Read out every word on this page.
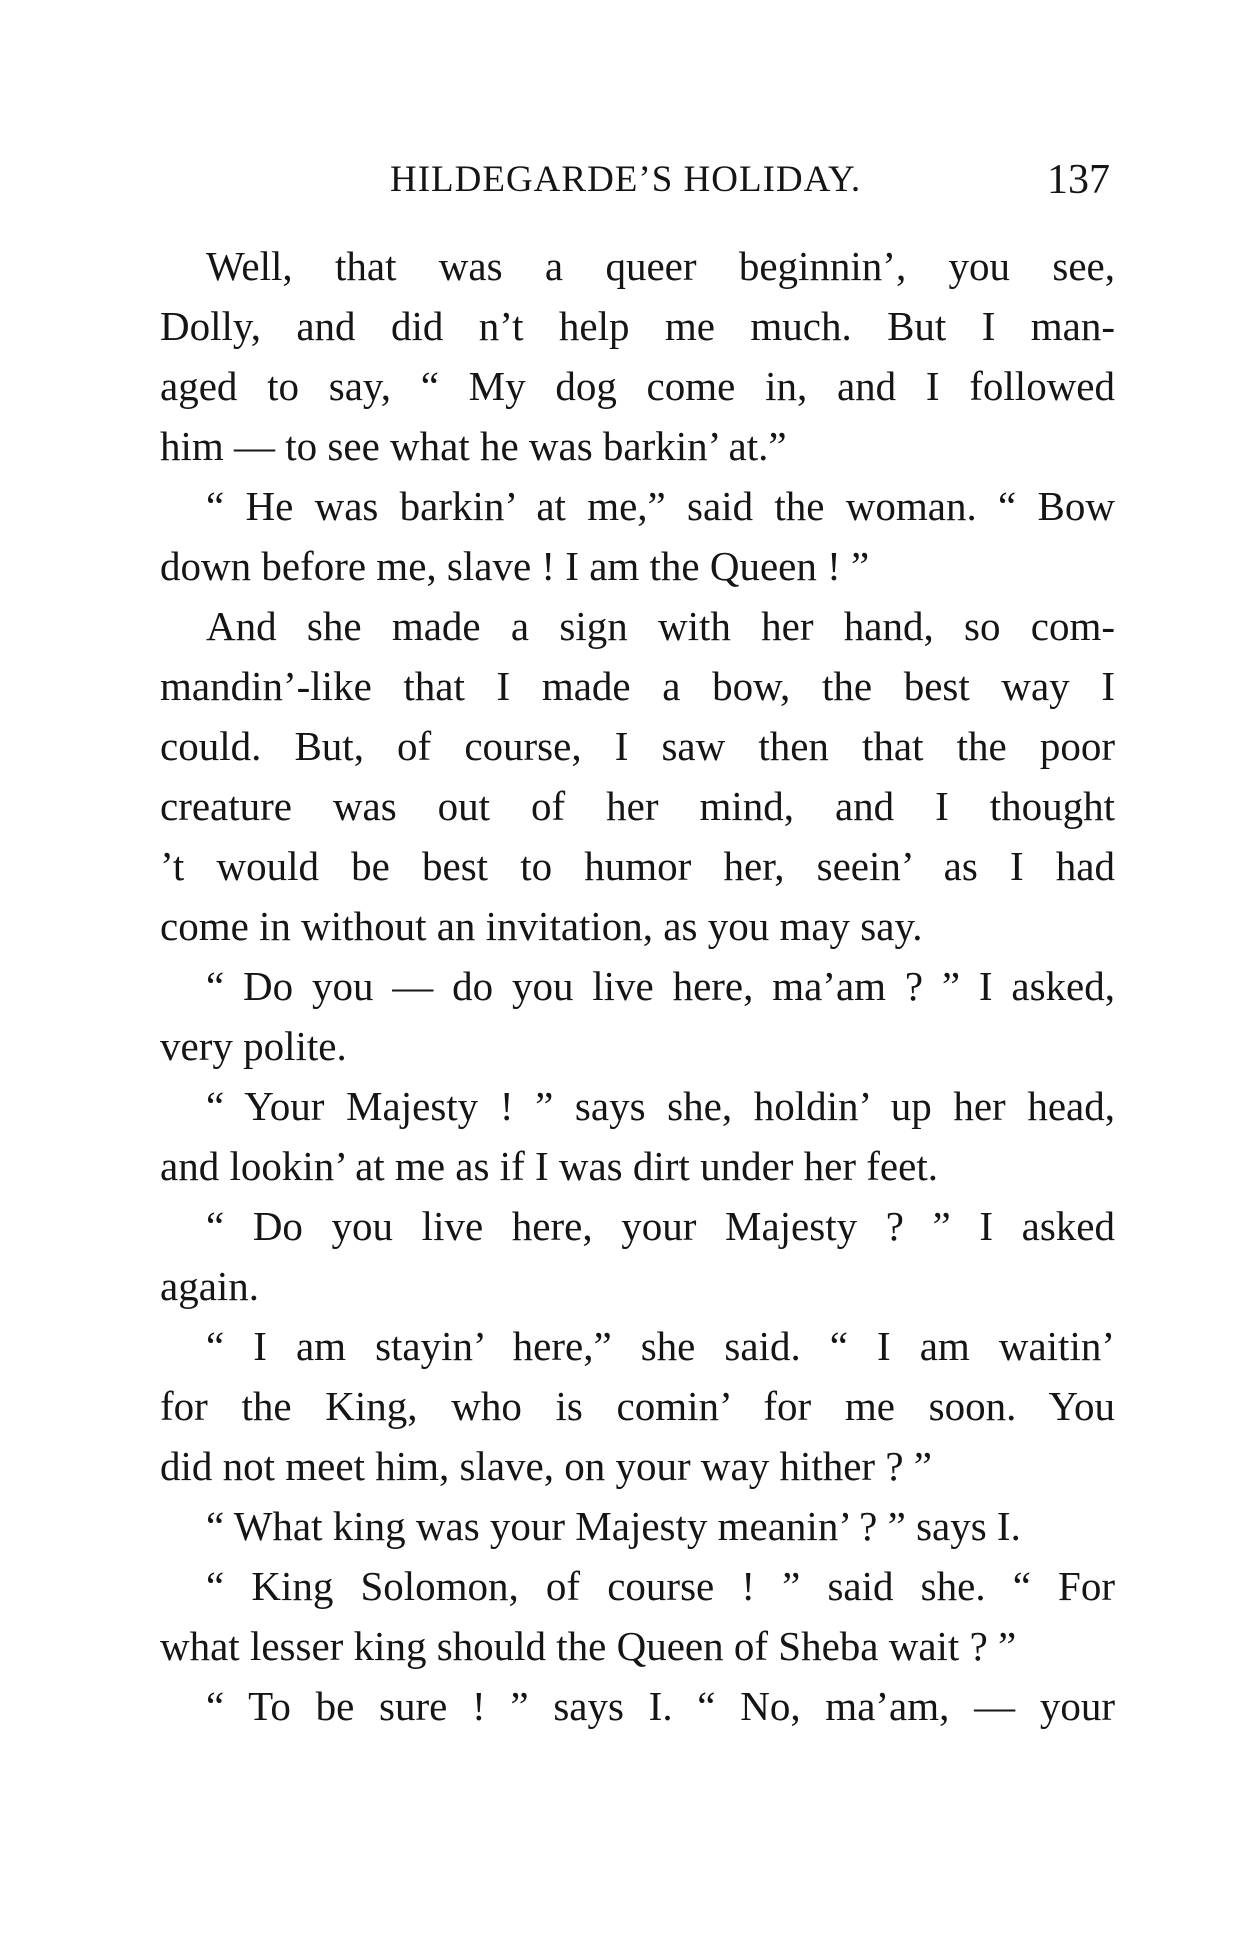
HILDEGARDE’S HOLIDAY.	137
Well, that was a queer beginnin’, you see,
Dolly, and did n’t help me much. But I man-
aged to say, “ My dog come in, and I followed
him — to see what he was barkin’ at.”
“ He was barkin’ at me,” said the woman. “ Bow
down before me, slave ! I am the Queen ! ”
And she made a sign with her hand, so com-
mandin’-like that I made a bow, the best way I
could. But, of course, I saw then that the poor
creature was out of her mind, and I thought
’t would be best to humor her, seein’ as I had
come in without an invitation, as you may say.
“ Do you — do you live here, ma’am ? ” I asked,
very polite.
“ Your Majesty ! ” says she, holdin’ up her head,
and lookin’ at me as if I was dirt under her feet.
“ Do you live here, your Majesty ? ” I asked
again.
“ I am stayin’ here,” she said. “ I am waitin’
for the King, who is comin’ for me soon. You
did not meet him, slave, on your way hither ? ”
“ What king was your Majesty meanin’ ? ” says I.
“ King Solomon, of course ! ” said she. “ For
what lesser king should the Queen of Sheba wait ? ”
“ To be sure ! ” says I. “ No, ma’am, — your
